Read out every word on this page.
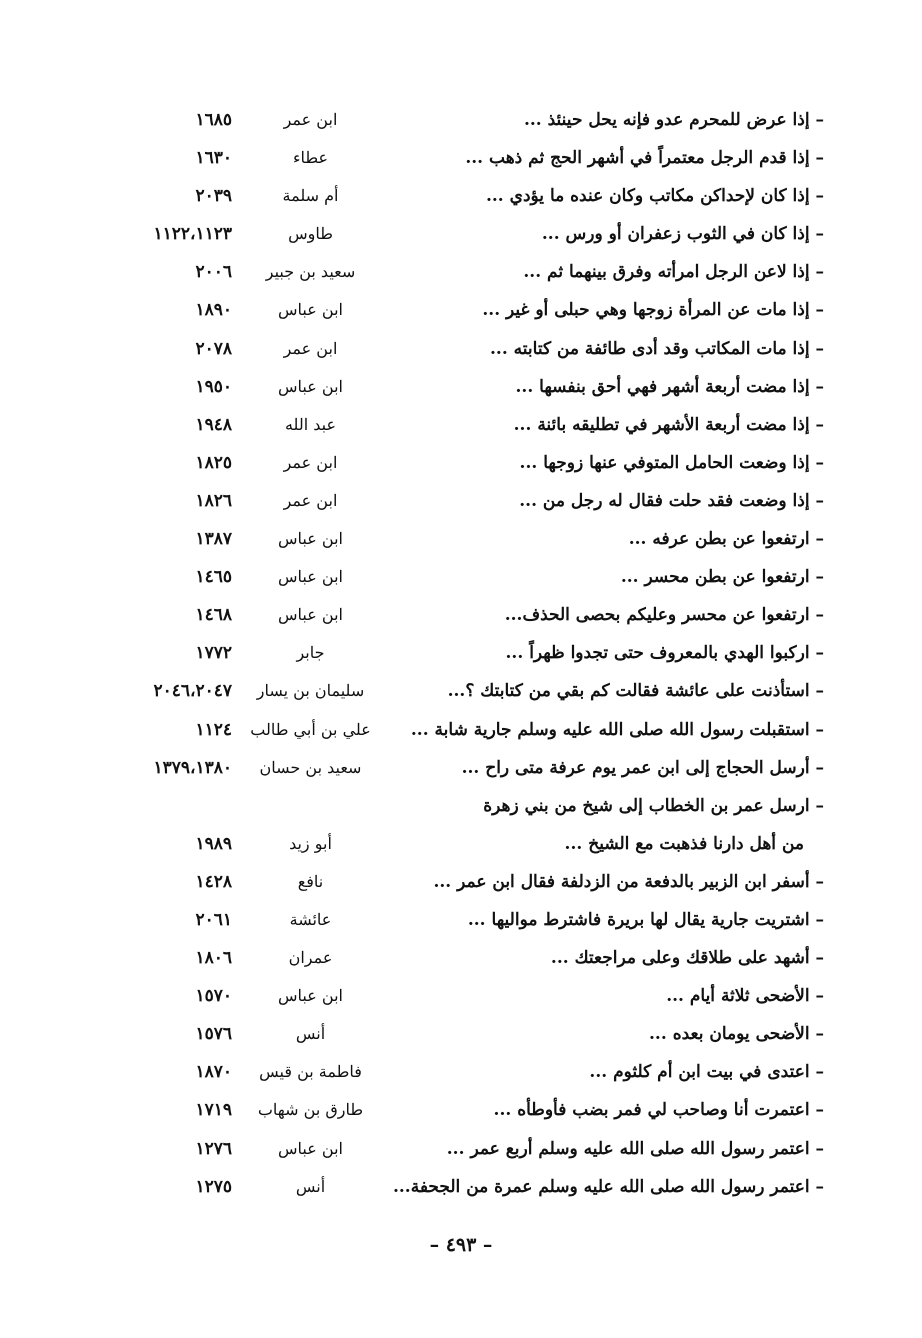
– إذا عرض للمحرم عدو فإنه يحل حينئذ ...
ابن عمر
١٦٨٥
– إذا قدم الرجل معتمراً في أشهر الحج ثم ذهب ...
عطاء
١٦٣٠
– إذا كان لإحداكن مكاتب وكان عنده ما يؤدي ...
أم سلمة
٢٠٣٩
– إذا كان في الثوب زعفران أو ورس ...
طاوس
١١٢٢،١١٢٣
– إذا لاعن الرجل امرأته وفرق بينهما ثم ...
سعيد بن جبير
٢٠٠٦
– إذا مات عن المرأة زوجها وهي حبلى أو غير ...
ابن عباس
١٨٩٠
– إذا مات المكاتب وقد أدى طائفة من كتابته ...
ابن عمر
٢٠٧٨
– إذا مضت أربعة أشهر فهي أحق بنفسها ...
ابن عباس
١٩٥٠
– إذا مضت أربعة الأشهر في تطليقه بائنة ...
عبد الله
١٩٤٨
– إذا وضعت الحامل المتوفي عنها زوجها ...
ابن عمر
١٨٢٥
– إذا وضعت فقد حلت فقال له رجل من ...
ابن عمر
١٨٢٦
– ارتفعوا عن بطن عرفه ...
ابن عباس
١٣٨٧
– ارتفعوا عن بطن محسر ...
ابن عباس
١٤٦٥
– ارتفعوا عن محسر وعليكم بحصى الحذف...
ابن عباس
١٤٦٨
– اركبوا الهدي بالمعروف حتى تجدوا ظهراً ...
جابر
١٧٧٢
– استأذنت على عائشة فقالت كم بقي من كتابتك ؟...
سليمان بن يسار
٢٠٤٦،٢٠٤٧
– استقبلت رسول الله صلى الله عليه وسلم جارية شابة ...
علي بن أبي طالب
١١٢٤
– أرسل الحجاج إلى ابن عمر يوم عرفة متى راح ...
سعيد بن حسان
١٣٧٩،١٣٨٠
– ارسل عمر بن الخطاب إلى شيخ من بني زهرة
من أهل دارنا فذهبت مع الشيخ ...
أبو زيد
١٩٨٩
– أسفر ابن الزبير بالدفعة من الزدلفة فقال ابن عمر ...
نافع
١٤٢٨
– اشتريت جارية يقال لها بريرة فاشترط مواليها ...
عائشة
٢٠٦١
– أشهد على طلاقك وعلى مراجعتك ...
عمران
١٨٠٦
– الأضحى ثلاثة أيام ...
ابن عباس
١٥٧٠
– الأضحى يومان بعده ...
أنس
١٥٧٦
– اعتدى في بيت ابن أم كلثوم ...
فاطمة بن قيس
١٨٧٠
– اعتمرت أنا وصاحب لي فمر بضب فأوطأه ...
طارق بن شهاب
١٧١٩
– اعتمر رسول الله صلى الله عليه وسلم أربع عمر ...
ابن عباس
١٢٧٦
– اعتمر رسول الله صلى الله عليه وسلم عمرة من الجحفة...
أنس
١٢٧٥
– ٤٩٣ –
